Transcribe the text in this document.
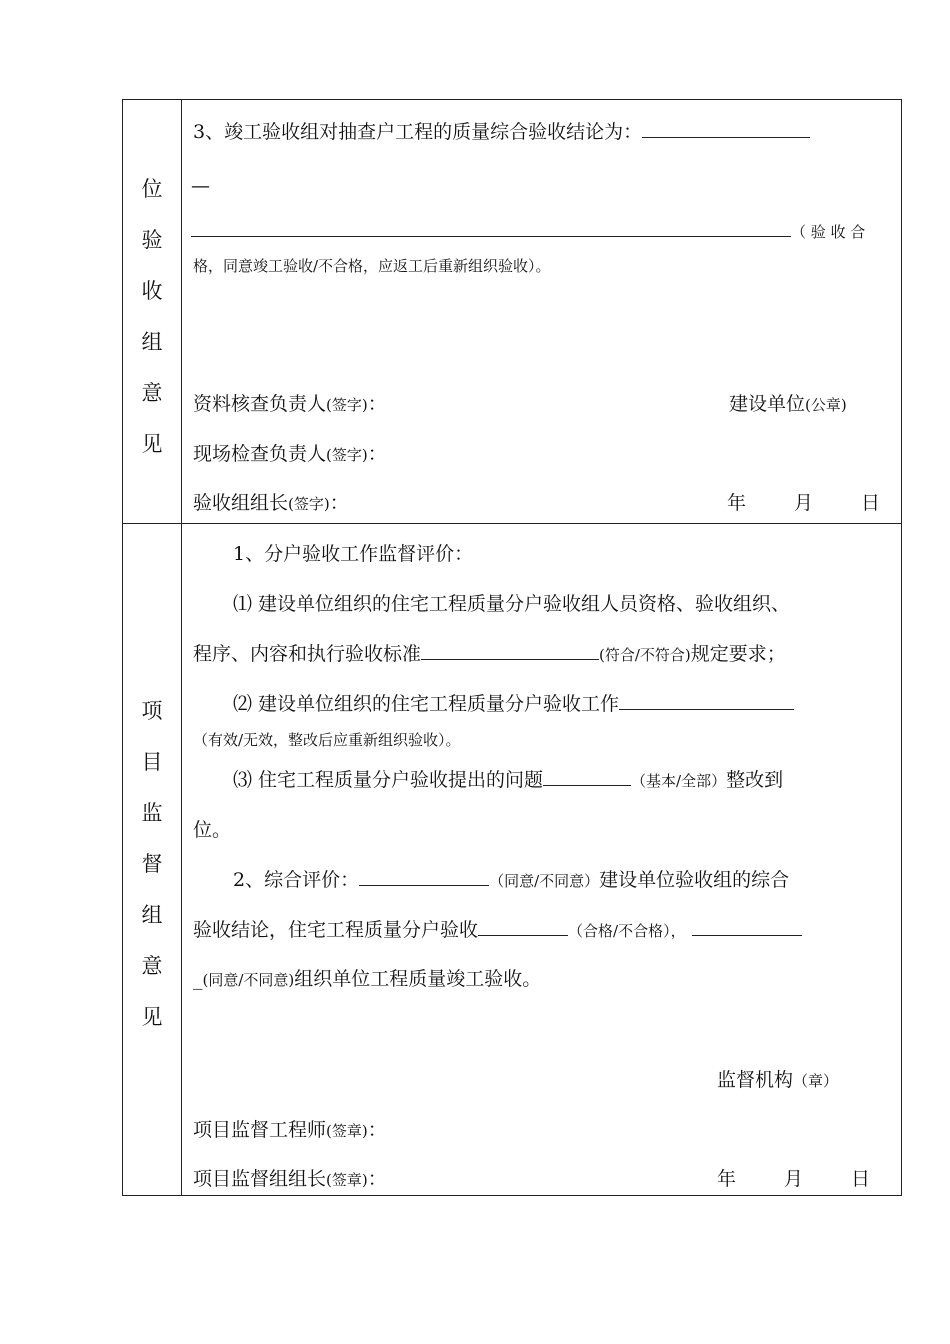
位
验
收
组
意
见
3、竣工验收组对抽查户工程的质量综合验收结论为：
—
（ 验 收 合
格，同意竣工验收/不合格，应返工后重新组织验收）。
资料核查负责人(签字)：	建设单位(公章)
现场检查负责人(签字)：
验收组组长(签字)：	年	月	日
项
目
监
督
组
意
见
1、分户验收工作监督评价：
⑴ 建设单位组织的住宅工程质量分户验收组人员资格、验收组织、
程序、内容和执行验收标准	(符合/不符合)规定要求；
⑵ 建设单位组织的住宅工程质量分户验收工作
（有效/无效，整改后应重新组织验收）。
⑶ 住宅工程质量分户验收提出的问题	（基本/全部）整改到
位。
2、综合评价：	（同意/不同意）建设单位验收组的综合
验收结论，住宅工程质量分户验收	（合格/不合格），
_(同意/不同意)组织单位工程质量竣工验收。
监督机构（章）
项目监督工程师(签章)：
项目监督组组长(签章)：	年	月	日
